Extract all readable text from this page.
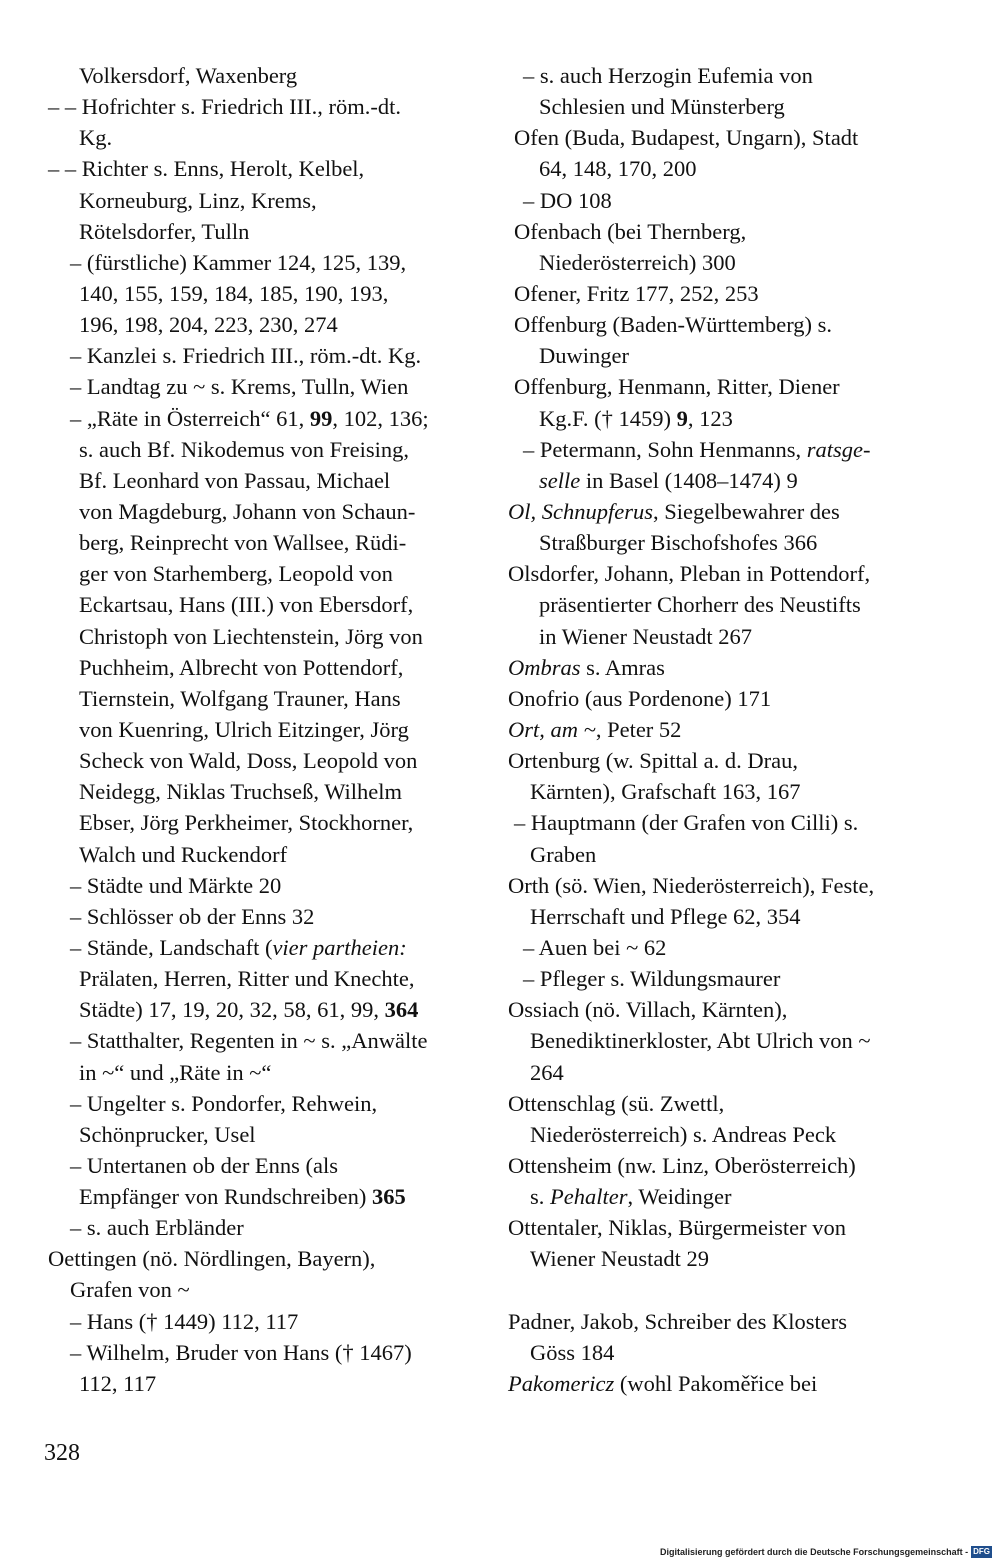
Volkersdorf, Waxenberg
– – Hofrichter s. Friedrich III., röm.-dt.
Kg.
– – Richter s. Enns, Herolt, Kelbel,
Korneuburg, Linz, Krems,
Rötelsdorfer, Tulln
– (fürstliche) Kammer 124, 125, 139,
140, 155, 159, 184, 185, 190, 193,
196, 198, 204, 223, 230, 274
– Kanzlei s. Friedrich III., röm.-dt. Kg.
– Landtag zu ~ s. Krems, Tulln, Wien
– „Räte in Österreich“ 61, 99, 102, 136;
s. auch Bf. Nikodemus von Freising,
Bf. Leonhard von Passau, Michael
von Magdeburg, Johann von Schaun-
berg, Reinprecht von Wallsee, Rüdi-
ger von Starhemberg, Leopold von
Eckartsau, Hans (III.) von Ebersdorf,
Christoph von Liechtenstein, Jörg von
Puchheim, Albrecht von Pottendorf,
Tiernstein, Wolfgang Trauner, Hans
von Kuenring, Ulrich Eitzinger, Jörg
Scheck von Wald, Doss, Leopold von
Neidegg, Niklas Truchseß, Wilhelm
Ebser, Jörg Perkheimer, Stockhorner,
Walch und Ruckendorf
– Städte und Märkte 20
– Schlösser ob der Enns 32
– Stände, Landschaft (vier partheien:
Prälaten, Herren, Ritter und Knechte,
Städte) 17, 19, 20, 32, 58, 61, 99, 364
– Statthalter, Regenten in ~ s. „Anwälte
in ~“ und „Räte in ~“
– Ungelter s. Pondorfer, Rehwein,
Schönprucker, Usel
– Untertanen ob der Enns (als
Empfänger von Rundschreiben) 365
– s. auch Erbländer
Oettingen (nö. Nördlingen, Bayern),
Grafen von ~
– Hans († 1449) 112, 117
– Wilhelm, Bruder von Hans († 1467)
112, 117
– s. auch Herzogin Eufemia von
Schlesien und Münsterberg
Ofen (Buda, Budapest, Ungarn), Stadt
64, 148, 170, 200
– DO 108
Ofenbach (bei Thernberg,
Niederösterreich) 300
Ofener, Fritz 177, 252, 253
Offenburg (Baden-Württemberg) s.
Duwinger
Offenburg, Henmann, Ritter, Diener
Kg.F. († 1459) 9, 123
– Petermann, Sohn Henmanns, ratsge-
selle in Basel (1408–1474) 9
Ol, Schnupferus, Siegelbewahrer des
Straßburger Bischofshofes 366
Olsdorfer, Johann, Pleban in Pottendorf,
präsentierter Chorherr des Neustifts
in Wiener Neustadt 267
Ombras s. Amras
Onofrio (aus Pordenone) 171
Ort, am ~, Peter 52
Ortenburg (w. Spittal a. d. Drau,
Kärnten), Grafschaft 163, 167
– Hauptmann (der Grafen von Cilli) s.
Graben
Orth (sö. Wien, Niederösterreich), Feste,
Herrschaft und Pflege 62, 354
– Auen bei ~ 62
– Pfleger s. Wildungsmaurer
Ossiach (nö. Villach, Kärnten),
Benediktinerkloster, Abt Ulrich von ~
264
Ottenschlag (sü. Zwettl,
Niederösterreich) s. Andreas Peck
Ottensheim (nw. Linz, Oberösterreich)
s. Pehalter, Weidinger
Ottentaler, Niklas, Bürgermeister von
Wiener Neustadt 29
Padner, Jakob, Schreiber des Klosters
Göss 184
Pakomericz (wohl Pakoměřice bei
328
Digitalisierung gefördert durch die Deutsche Forschungsgemeinschaft - DFG
